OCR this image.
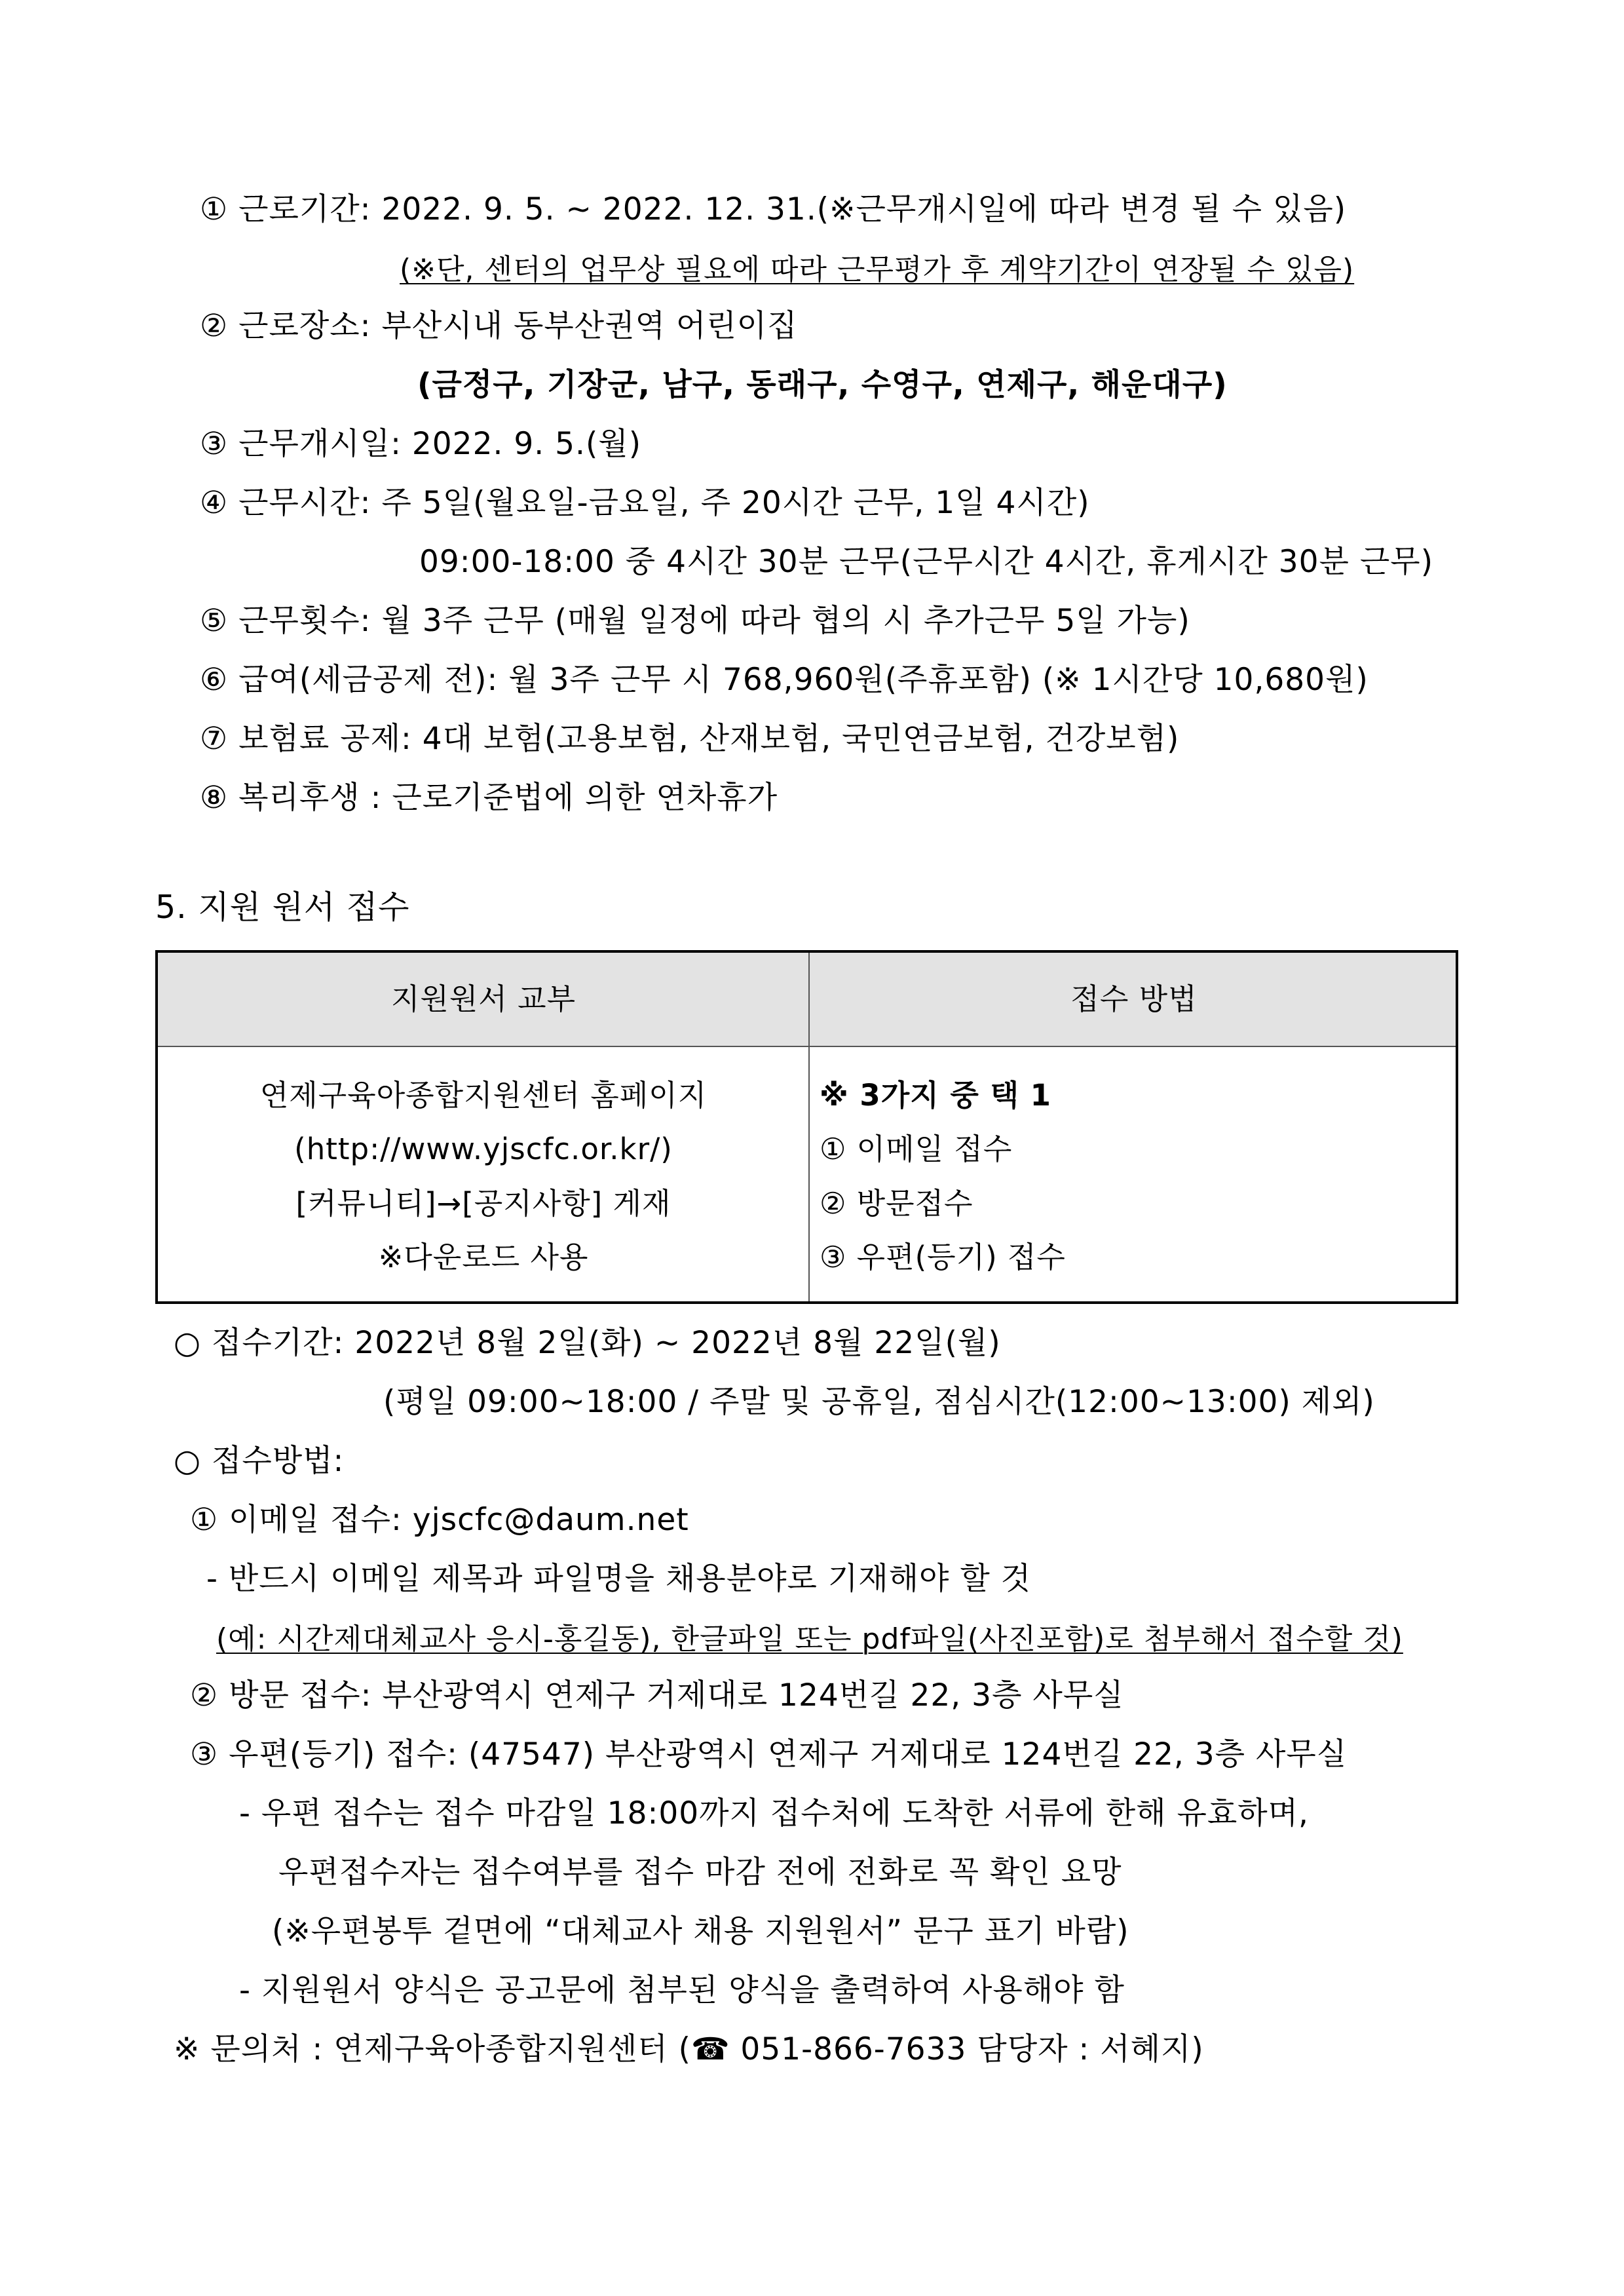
① 근로기간: 2022. 9. 5. ~ 2022. 12. 31.(※근무개시일에 따라 변경 될 수 있음)
(※단, 센터의 업무상 필요에 따라 근무평가 후 계약기간이 연장될 수 있음)
② 근로장소: 부산시내 동부산권역 어린이집
(금정구, 기장군, 남구, 동래구, 수영구, 연제구, 해운대구)
③ 근무개시일: 2022. 9. 5.(월)
④ 근무시간: 주 5일(월요일-금요일, 주 20시간 근무, 1일 4시간)
09:00-18:00 중 4시간 30분 근무(근무시간 4시간, 휴게시간 30분 근무)
⑤ 근무횟수: 월 3주 근무 (매월 일정에 따라 협의 시 추가근무 5일 가능)
⑥ 급여(세금공제 전): 월 3주 근무 시 768,960원(주휴포함) (※ 1시간당 10,680원)
⑦ 보험료 공제: 4대 보험(고용보험, 산재보험, 국민연금보험, 건강보험)
⑧ 복리후생 : 근로기준법에 의한 연차휴가
5. 지원 원서 접수
지원원서 교부	접수 방법
연제구육아종합지원센터 홈페이지
(http://www.yjscfc.or.kr/)
[커뮤니티]→[공지사항] 게재
※다운로드 사용
※ 3가지 중 택 1
① 이메일 접수
② 방문접수
③ 우편(등기) 접수
○ 접수기간: 2022년 8월 2일(화) ~ 2022년 8월 22일(월)
(평일 09:00~18:00 / 주말 및 공휴일, 점심시간(12:00~13:00) 제외)
○ 접수방법:
① 이메일 접수: yjscfc@daum.net
- 반드시 이메일 제목과 파일명을 채용분야로 기재해야 할 것
(예: 시간제대체교사 응시-홍길동), 한글파일 또는 pdf파일(사진포함)로 첨부해서 접수할 것)
② 방문 접수: 부산광역시 연제구 거제대로 124번길 22, 3층 사무실
③ 우편(등기) 접수: (47547) 부산광역시 연제구 거제대로 124번길 22, 3층 사무실
- 우편 접수는 접수 마감일 18:00까지 접수처에 도착한 서류에 한해 유효하며,
우편접수자는 접수여부를 접수 마감 전에 전화로 꼭 확인 요망
(※우편봉투 겉면에 “대체교사 채용 지원원서” 문구 표기 바람)
- 지원원서 양식은 공고문에 첨부된 양식을 출력하여 사용해야 함
※ 문의처 : 연제구육아종합지원센터 (☎ 051-866-7633 담당자 : 서혜지)
